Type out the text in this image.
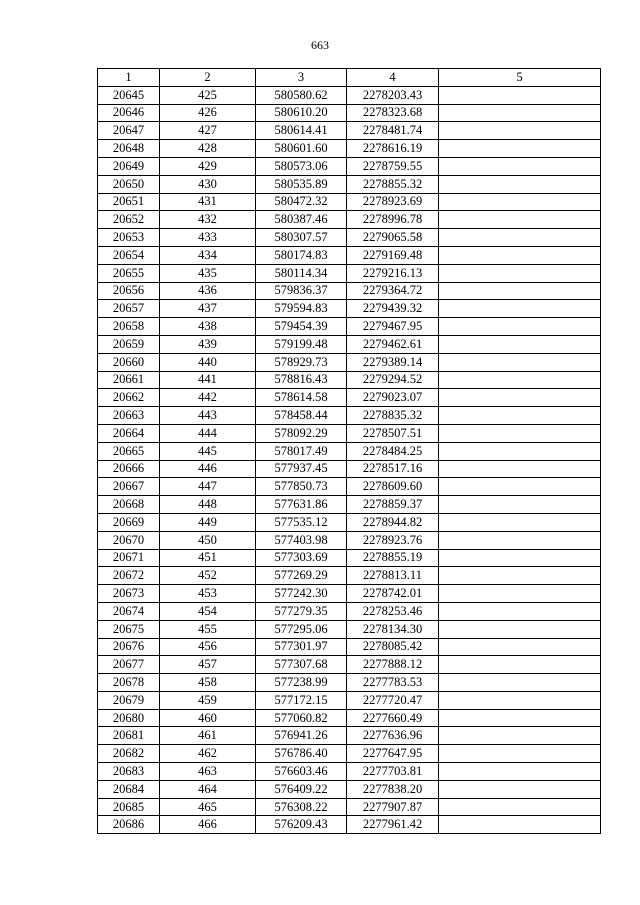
663
1	2	3	4	5
20645	425	580580.62	2278203.43	
20646	426	580610.20	2278323.68	
20647	427	580614.41	2278481.74	
20648	428	580601.60	2278616.19	
20649	429	580573.06	2278759.55	
20650	430	580535.89	2278855.32	
20651	431	580472.32	2278923.69	
20652	432	580387.46	2278996.78	
20653	433	580307.57	2279065.58	
20654	434	580174.83	2279169.48	
20655	435	580114.34	2279216.13	
20656	436	579836.37	2279364.72	
20657	437	579594.83	2279439.32	
20658	438	579454.39	2279467.95	
20659	439	579199.48	2279462.61	
20660	440	578929.73	2279389.14	
20661	441	578816.43	2279294.52	
20662	442	578614.58	2279023.07	
20663	443	578458.44	2278835.32	
20664	444	578092.29	2278507.51	
20665	445	578017.49	2278484.25	
20666	446	577937.45	2278517.16	
20667	447	577850.73	2278609.60	
20668	448	577631.86	2278859.37	
20669	449	577535.12	2278944.82	
20670	450	577403.98	2278923.76	
20671	451	577303.69	2278855.19	
20672	452	577269.29	2278813.11	
20673	453	577242.30	2278742.01	
20674	454	577279.35	2278253.46	
20675	455	577295.06	2278134.30	
20676	456	577301.97	2278085.42	
20677	457	577307.68	2277888.12	
20678	458	577238.99	2277783.53	
20679	459	577172.15	2277720.47	
20680	460	577060.82	2277660.49	
20681	461	576941.26	2277636.96	
20682	462	576786.40	2277647.95	
20683	463	576603.46	2277703.81	
20684	464	576409.22	2277838.20	
20685	465	576308.22	2277907.87	
20686	466	576209.43	2277961.42	
